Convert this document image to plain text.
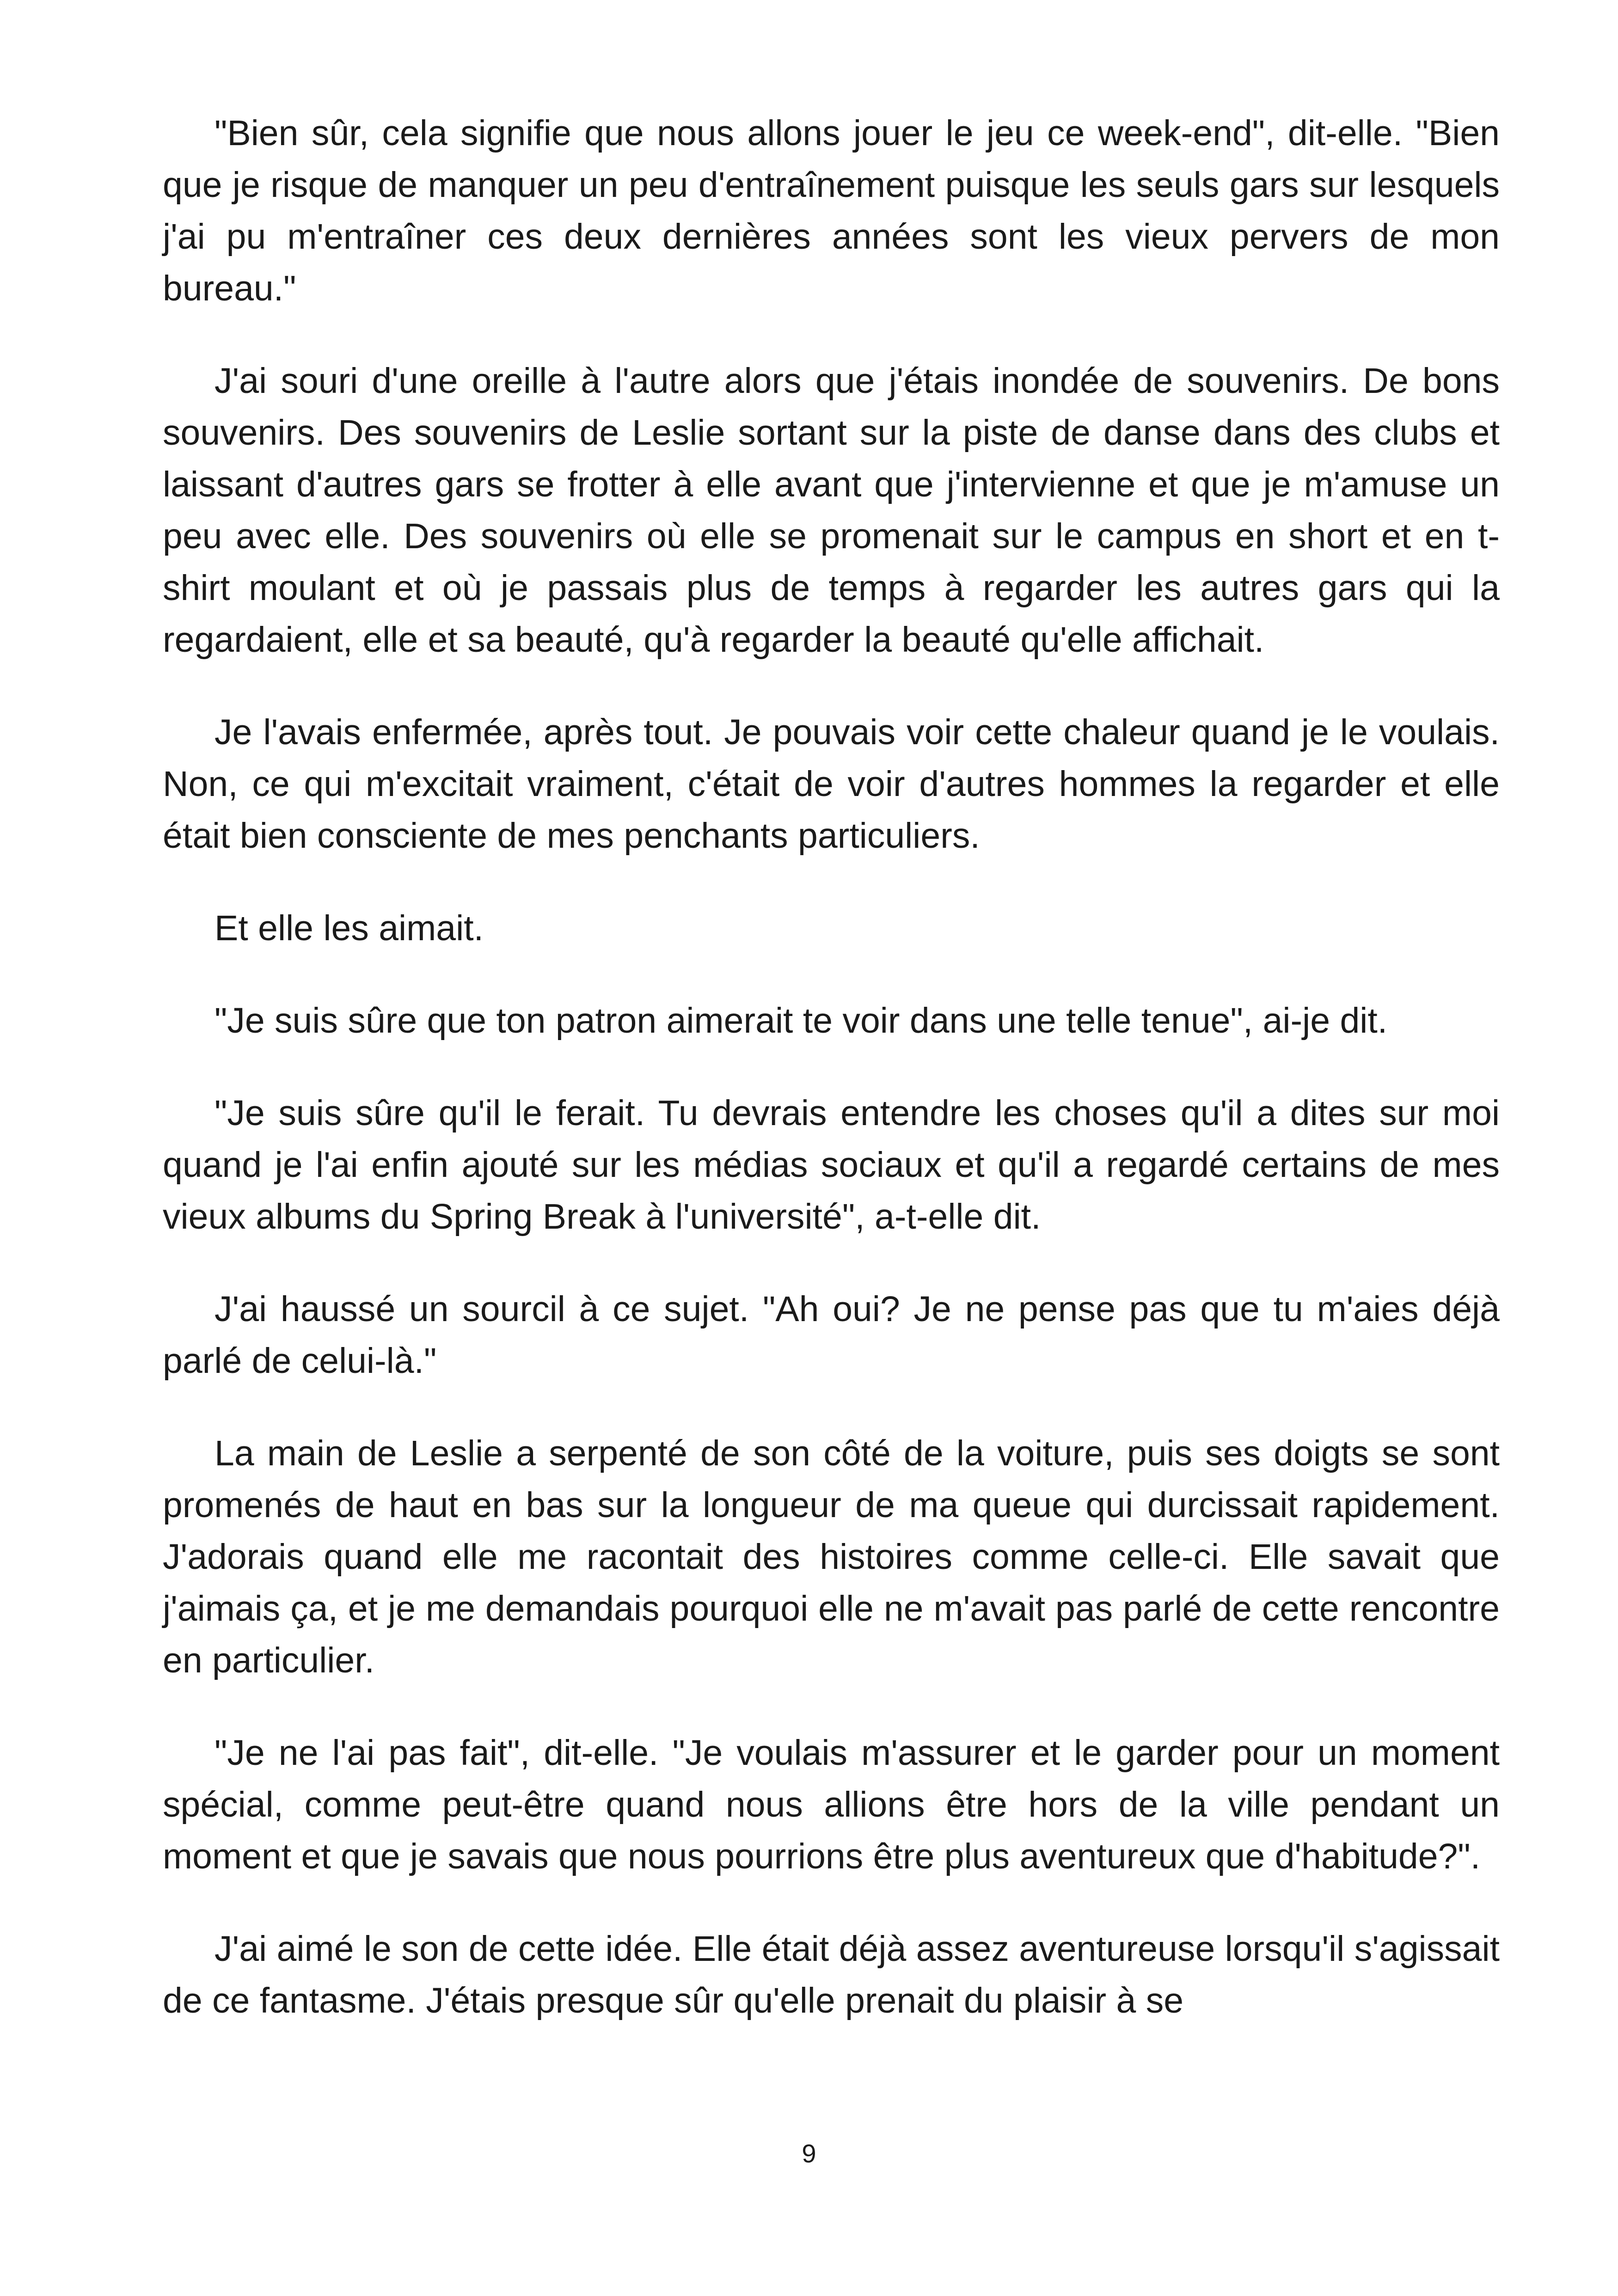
"Bien sûr, cela signifie que nous allons jouer le jeu ce week-end", dit-elle. "Bien que je risque de manquer un peu d'entraînement puisque les seuls gars sur lesquels j'ai pu m'entraîner ces deux dernières années sont les vieux pervers de mon bureau."

J'ai souri d'une oreille à l'autre alors que j'étais inondée de souvenirs. De bons souvenirs. Des souvenirs de Leslie sortant sur la piste de danse dans des clubs et laissant d'autres gars se frotter à elle avant que j'intervienne et que je m'amuse un peu avec elle. Des souvenirs où elle se promenait sur le campus en short et en t-shirt moulant et où je passais plus de temps à regarder les autres gars qui la regardaient, elle et sa beauté, qu'à regarder la beauté qu'elle affichait.

Je l'avais enfermée, après tout. Je pouvais voir cette chaleur quand je le voulais. Non, ce qui m'excitait vraiment, c'était de voir d'autres hommes la regarder et elle était bien consciente de mes penchants particuliers.

Et elle les aimait.

"Je suis sûre que ton patron aimerait te voir dans une telle tenue", ai-je dit.

"Je suis sûre qu'il le ferait. Tu devrais entendre les choses qu'il a dites sur moi quand je l'ai enfin ajouté sur les médias sociaux et qu'il a regardé certains de mes vieux albums du Spring Break à l'université", a-t-elle dit.

J'ai haussé un sourcil à ce sujet. "Ah oui? Je ne pense pas que tu m'aies déjà parlé de celui-là."

La main de Leslie a serpenté de son côté de la voiture, puis ses doigts se sont promenés de haut en bas sur la longueur de ma queue qui durcissait rapidement. J'adorais quand elle me racontait des histoires comme celle-ci. Elle savait que j'aimais ça, et je me demandais pourquoi elle ne m'avait pas parlé de cette rencontre en particulier.

"Je ne l'ai pas fait", dit-elle. "Je voulais m'assurer et le garder pour un moment spécial, comme peut-être quand nous allions être hors de la ville pendant un moment et que je savais que nous pourrions être plus aventureux que d'habitude?".

J'ai aimé le son de cette idée. Elle était déjà assez aventureuse lorsqu'il s'agissait de ce fantasme. J'étais presque sûr qu'elle prenait du plaisir à se

9
